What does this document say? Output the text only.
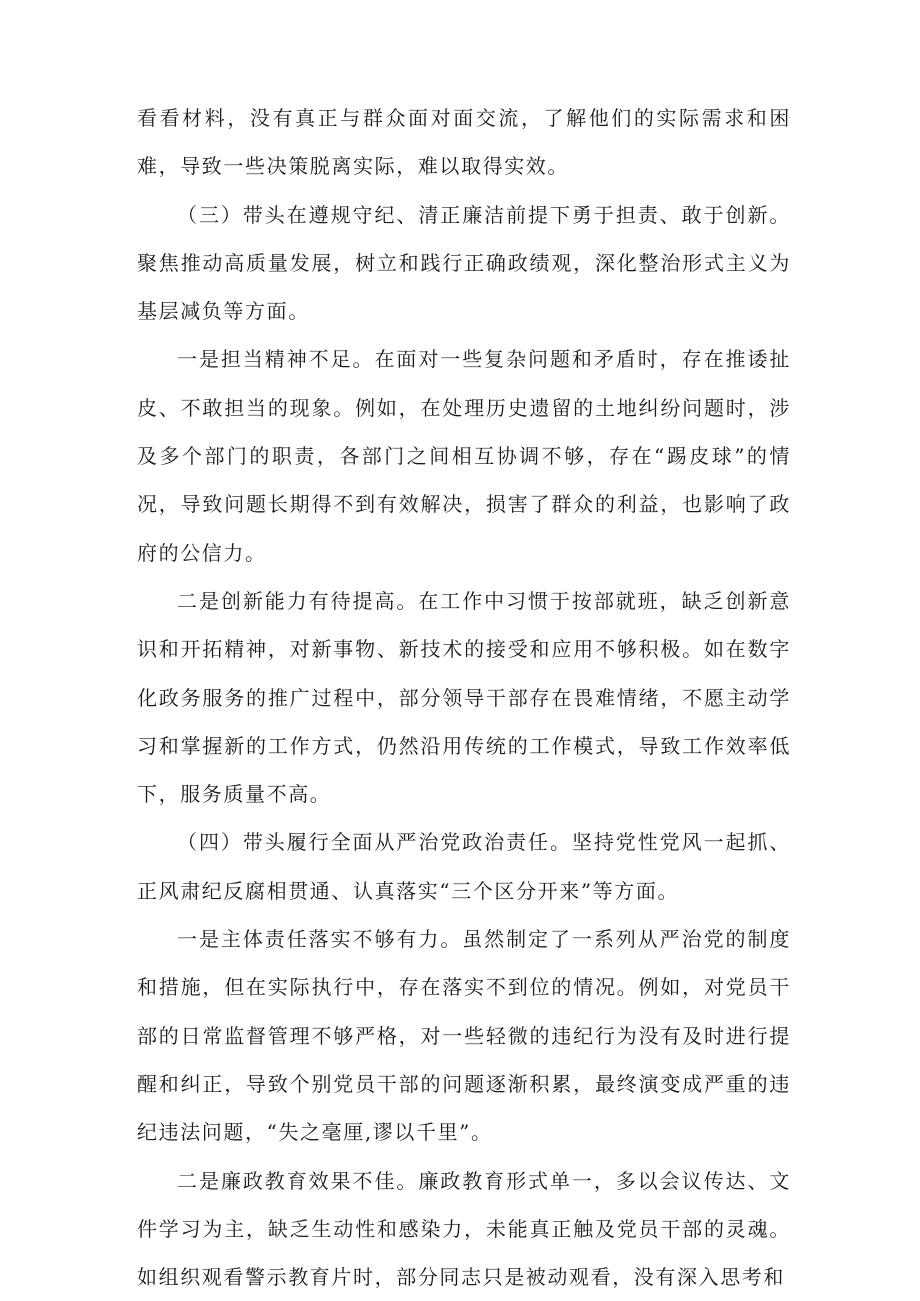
看看材料，没有真正与群众面对面交流，了解他们的实际需求和困难，导致一些决策脱离实际，难以取得实效。

（三）带头在遵规守纪、清正廉洁前提下勇于担责、敢于创新。聚焦推动高质量发展，树立和践行正确政绩观，深化整治形式主义为基层减负等方面。

一是担当精神不足。在面对一些复杂问题和矛盾时，存在推诿扯皮、不敢担当的现象。例如，在处理历史遗留的土地纠纷问题时，涉及多个部门的职责，各部门之间相互协调不够，存在“踢皮球”的情况，导致问题长期得不到有效解决，损害了群众的利益，也影响了政府的公信力。

二是创新能力有待提高。在工作中习惯于按部就班，缺乏创新意识和开拓精神，对新事物、新技术的接受和应用不够积极。如在数字化政务服务的推广过程中，部分领导干部存在畏难情绪，不愿主动学习和掌握新的工作方式，仍然沿用传统的工作模式，导致工作效率低下，服务质量不高。

（四）带头履行全面从严治党政治责任。坚持党性党风一起抓、正风肃纪反腐相贯通、认真落实“三个区分开来”等方面。

一是主体责任落实不够有力。虽然制定了一系列从严治党的制度和措施，但在实际执行中，存在落实不到位的情况。例如，对党员干部的日常监督管理不够严格，对一些轻微的违纪行为没有及时进行提醒和纠正，导致个别党员干部的问题逐渐积累，最终演变成严重的违纪违法问题，“失之毫厘,谬以千里”。

二是廉政教育效果不佳。廉政教育形式单一，多以会议传达、文件学习为主，缺乏生动性和感染力，未能真正触及党员干部的灵魂。如组织观看警示教育片时，部分同志只是被动观看，没有深入思考和
